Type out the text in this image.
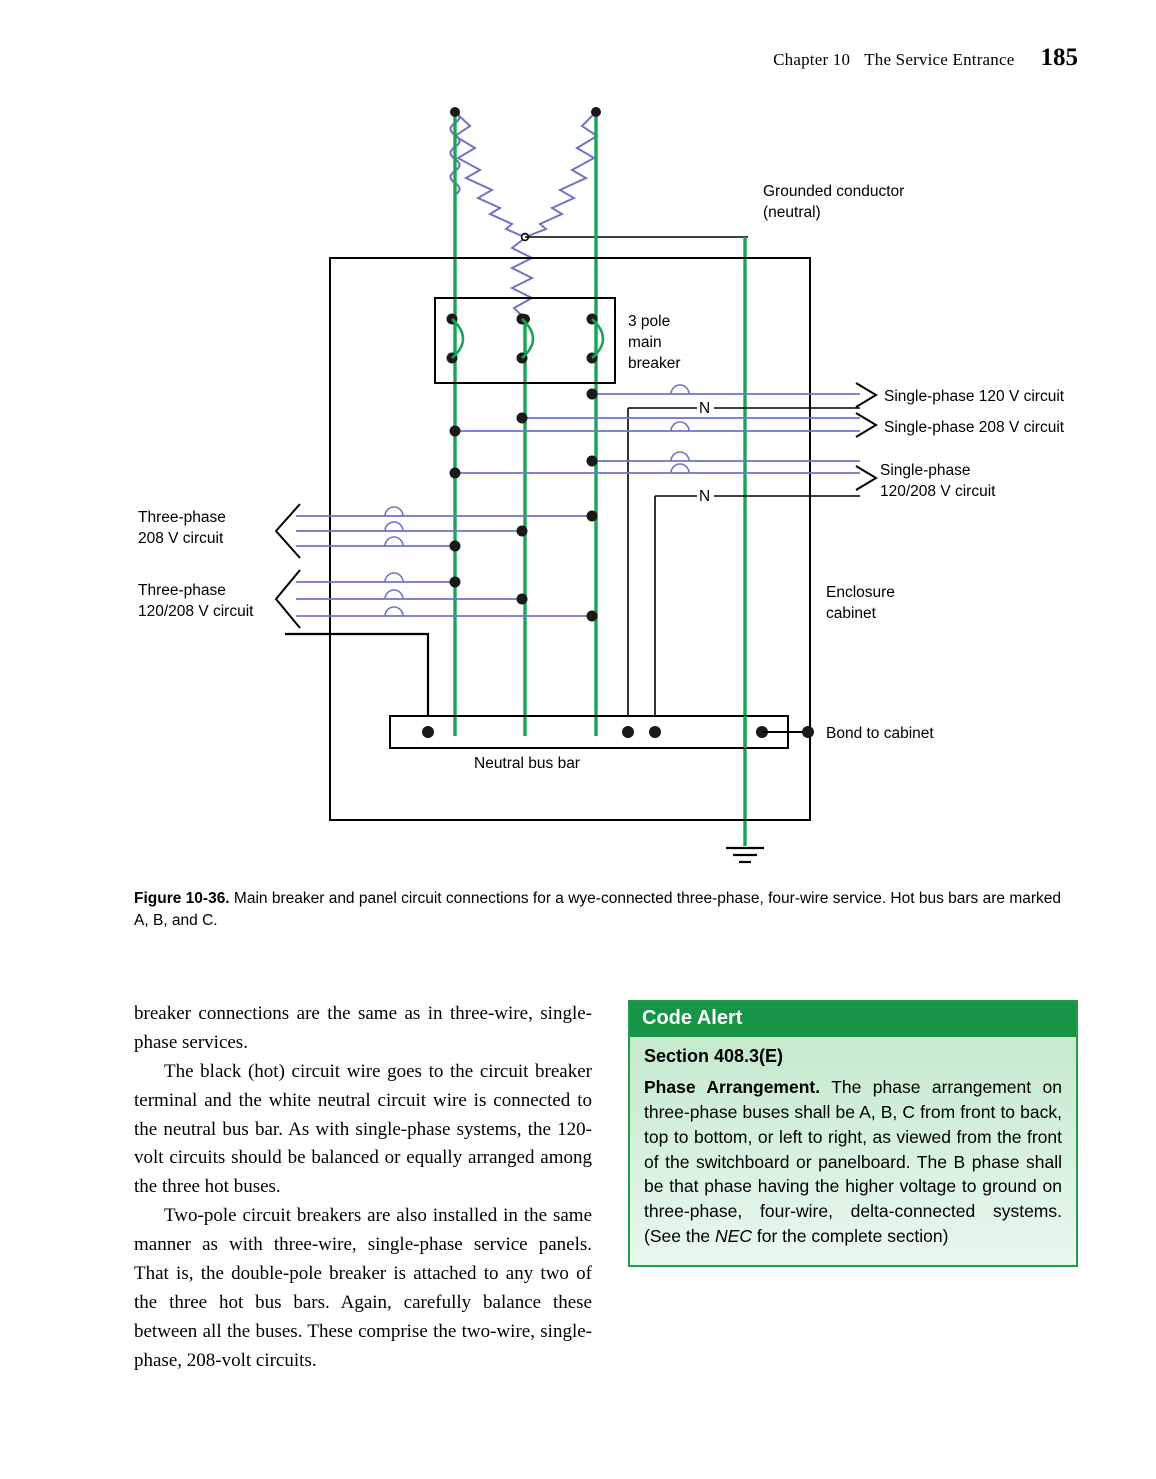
Chapter 10 The Service Entrance 185
N
N
Grounded conductor
(neutral)
3 pole
main
breaker
Single-phase 120 V circuit
Single-phase 208 V circuit
Single-phase
120/208 V circuit
Three-phase
208 V circuit
Three-phase
120/208 V circuit
Enclosure
cabinet
Bond to cabinet
Neutral bus bar
Figure 10-36. Main breaker and panel circuit connections for a wye-connected three-phase, four-wire service. Hot bus bars are marked A, B, and C.

breaker connections are the same as in three-wire, single-phase services.

The black (hot) circuit wire goes to the circuit breaker terminal and the white neutral circuit wire is connected to the neutral bus bar. As with single-phase systems, the 120-volt circuits should be balanced or equally arranged among the three hot buses.

Two-pole circuit breakers are also installed in the same manner as with three-wire, single-phase service panels. That is, the double-pole breaker is attached to any two of the three hot bus bars. Again, carefully balance these between all the buses. These comprise the two-wire, single-phase, 208-volt circuits.

Code Alert
Section 408.3(E)
Phase Arrangement. The phase arrangement on three-phase buses shall be A, B, C from front to back, top to bottom, or left to right, as viewed from the front of the switchboard or panelboard. The B phase shall be that phase having the higher voltage to ground on three-phase, four-wire, delta-connected systems. (See the NEC for the complete section)
